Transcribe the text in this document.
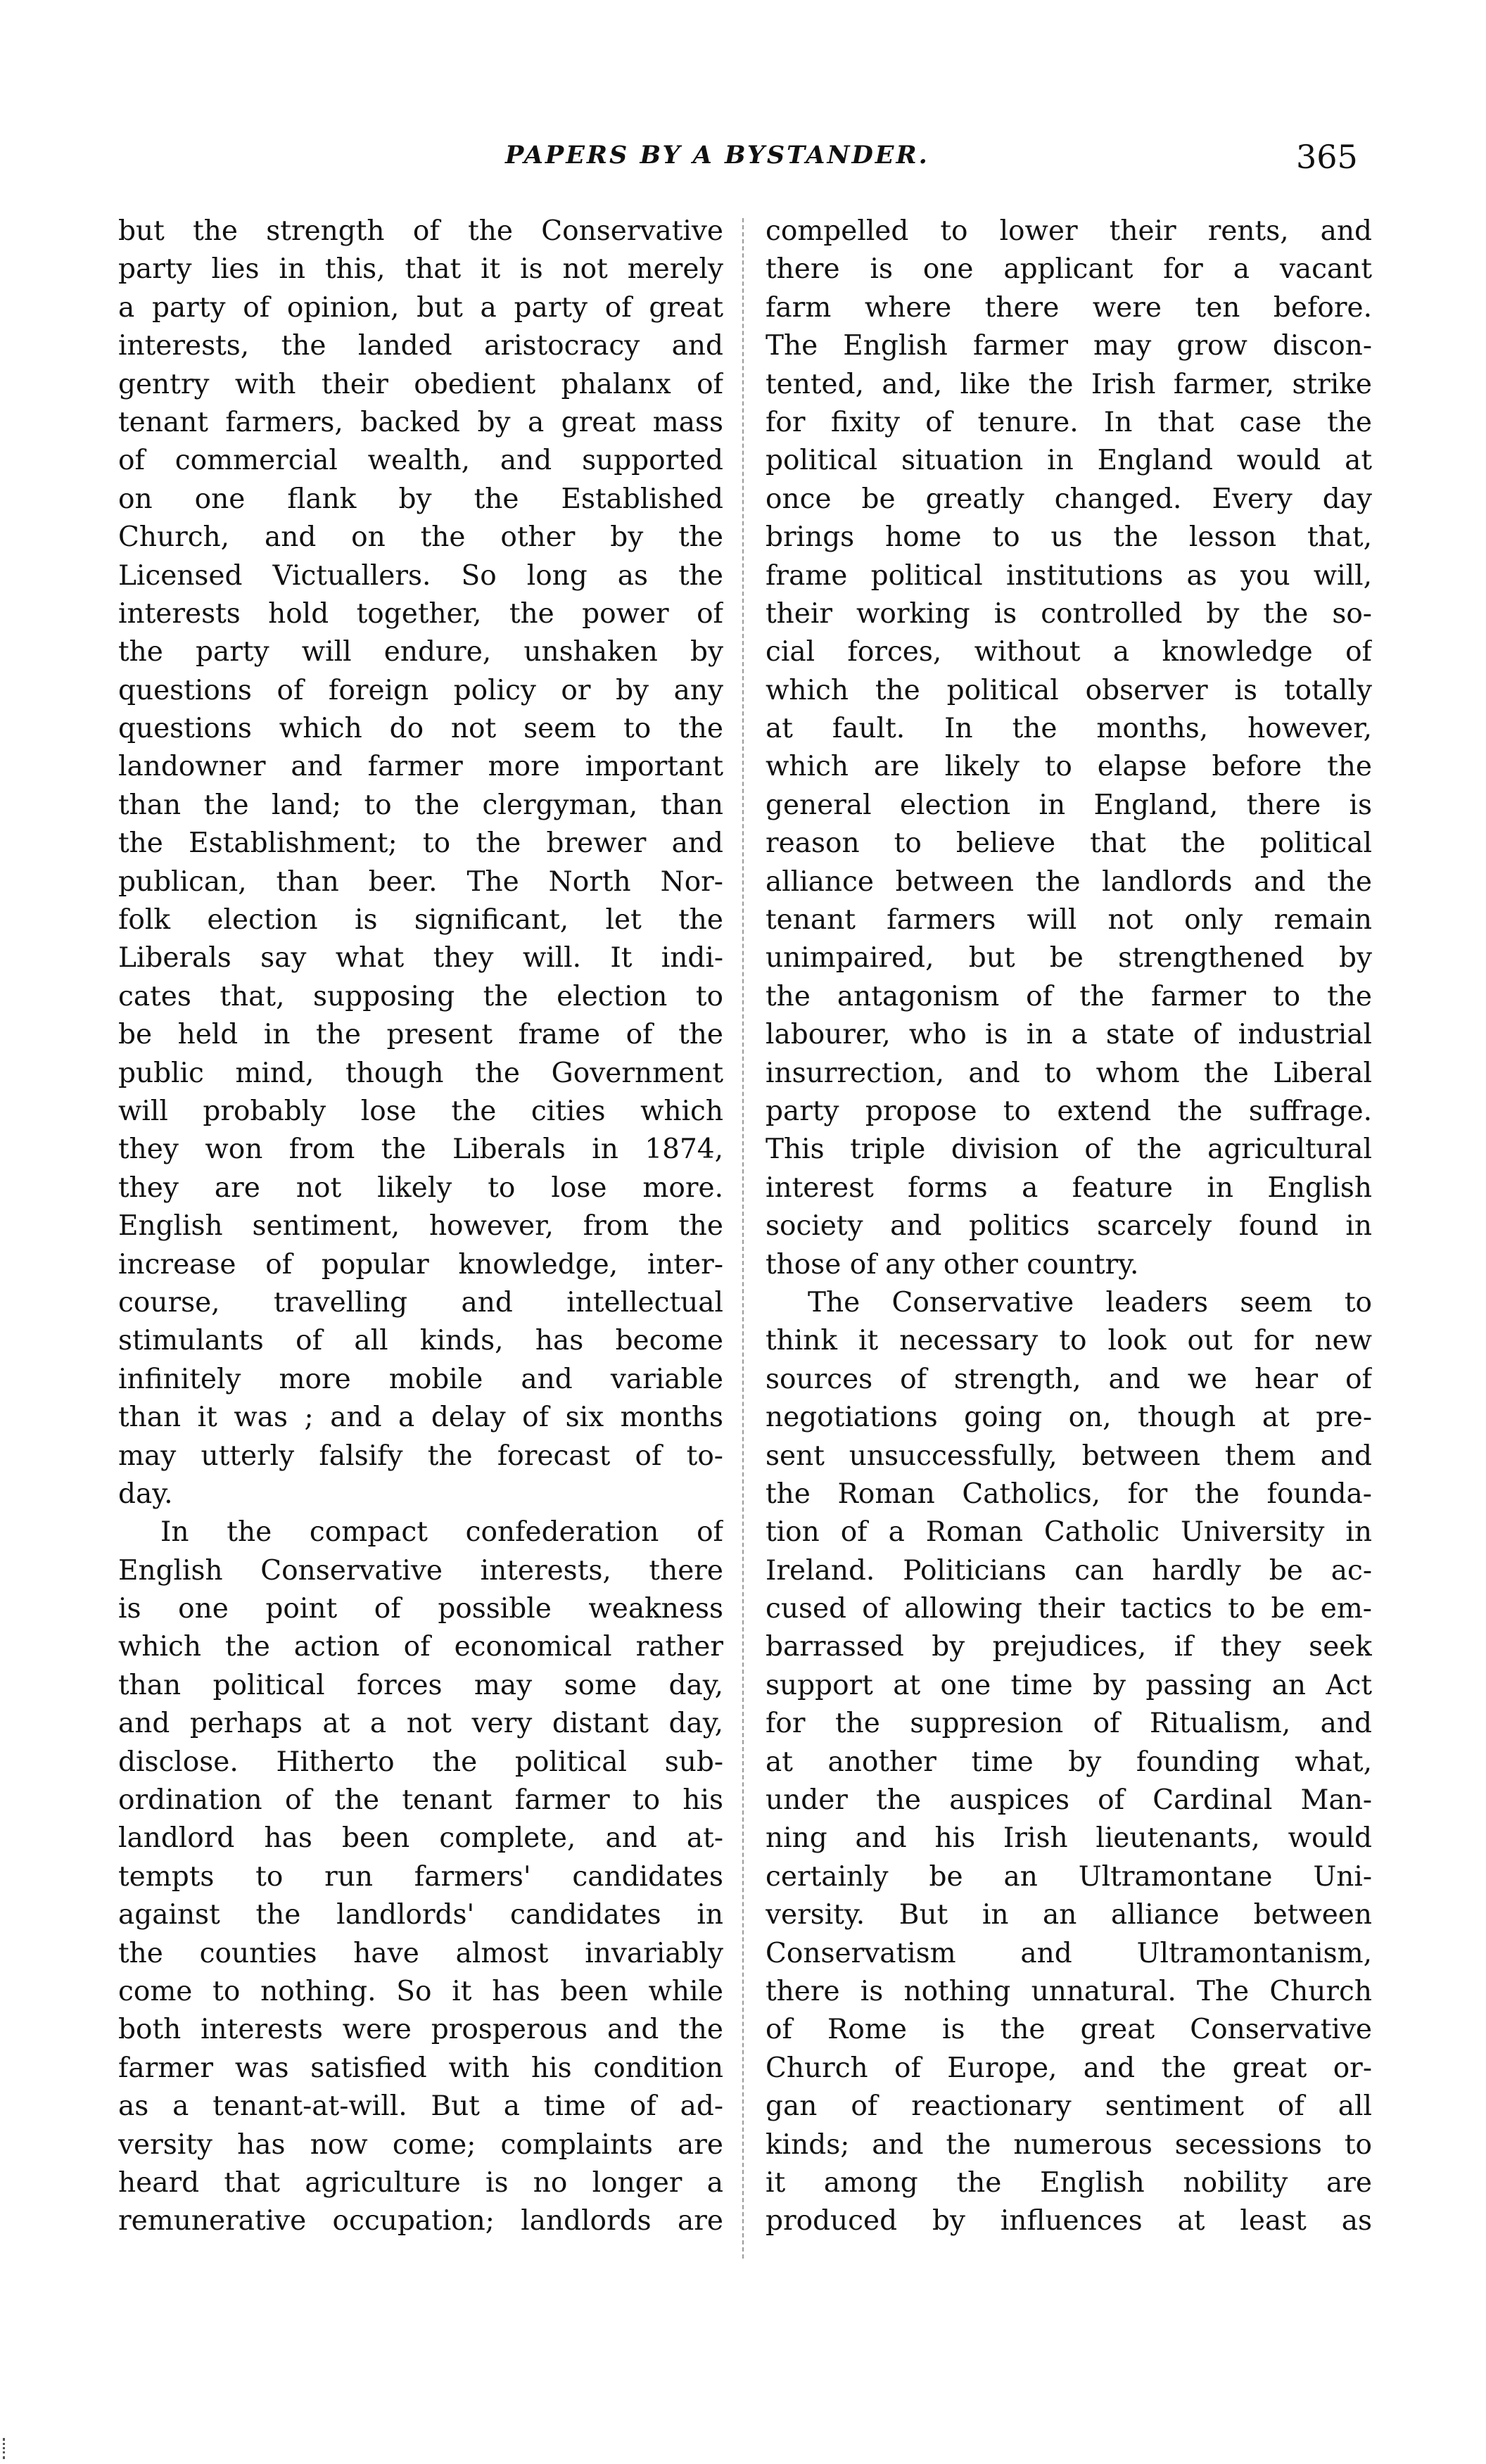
PAPERS BY A BYSTANDER.	365
but the strength of the Conservative
party lies in this, that it is not merely
a party of opinion, but a party of great
interests, the landed aristocracy and
gentry with their obedient phalanx of
tenant farmers, backed by a great mass
of commercial wealth, and supported
on one flank by the Established
Church, and on the other by the
Licensed Victuallers. So long as the
interests hold together, the power of
the party will endure, unshaken by
questions of foreign policy or by any
questions which do not seem to the
landowner and farmer more important
than the land; to the clergyman, than
the Establishment; to the brewer and
publican, than beer. The North Nor-
folk election is significant, let the
Liberals say what they will. It indi-
cates that, supposing the election to
be held in the present frame of the
public mind, though the Government
will probably lose the cities which
they won from the Liberals in 1874,
they are not likely to lose more.
English sentiment, however, from the
increase of popular knowledge, inter-
course, travelling and intellectual
stimulants of all kinds, has become
infinitely more mobile and variable
than it was ; and a delay of six months
may utterly falsify the forecast of to-
day.
In the compact confederation of
English Conservative interests, there
is one point of possible weakness
which the action of economical rather
than political forces may some day,
and perhaps at a not very distant day,
disclose. Hitherto the political sub-
ordination of the tenant farmer to his
landlord has been complete, and at-
tempts to run farmers' candidates
against the landlords' candidates in
the counties have almost invariably
come to nothing. So it has been while
both interests were prosperous and the
farmer was satisfied with his condition
as a tenant-at-will. But a time of ad-
versity has now come; complaints are
heard that agriculture is no longer a
remunerative occupation; landlords are
compelled to lower their rents, and
there is one applicant for a vacant
farm where there were ten before.
The English farmer may grow discon-
tented, and, like the Irish farmer, strike
for fixity of tenure. In that case the
political situation in England would at
once be greatly changed. Every day
brings home to us the lesson that,
frame political institutions as you will,
their working is controlled by the so-
cial forces, without a knowledge of
which the political observer is totally
at fault. In the months, however,
which are likely to elapse before the
general election in England, there is
reason to believe that the political
alliance between the landlords and the
tenant farmers will not only remain
unimpaired, but be strengthened by
the antagonism of the farmer to the
labourer, who is in a state of industrial
insurrection, and to whom the Liberal
party propose to extend the suffrage.
This triple division of the agricultural
interest forms a feature in English
society and politics scarcely found in
those of any other country.
The Conservative leaders seem to
think it necessary to look out for new
sources of strength, and we hear of
negotiations going on, though at pre-
sent unsuccessfully, between them and
the Roman Catholics, for the founda-
tion of a Roman Catholic University in
Ireland. Politicians can hardly be ac-
cused of allowing their tactics to be em-
barrassed by prejudices, if they seek
support at one time by passing an Act
for the suppresion of Ritualism, and
at another time by founding what,
under the auspices of Cardinal Man-
ning and his Irish lieutenants, would
certainly be an Ultramontane Uni-
versity. But in an alliance between
Conservatism and Ultramontanism,
there is nothing unnatural. The Church
of Rome is the great Conservative
Church of Europe, and the great or-
gan of reactionary sentiment of all
kinds; and the numerous secessions to
it among the English nobility are
produced by influences at least as
